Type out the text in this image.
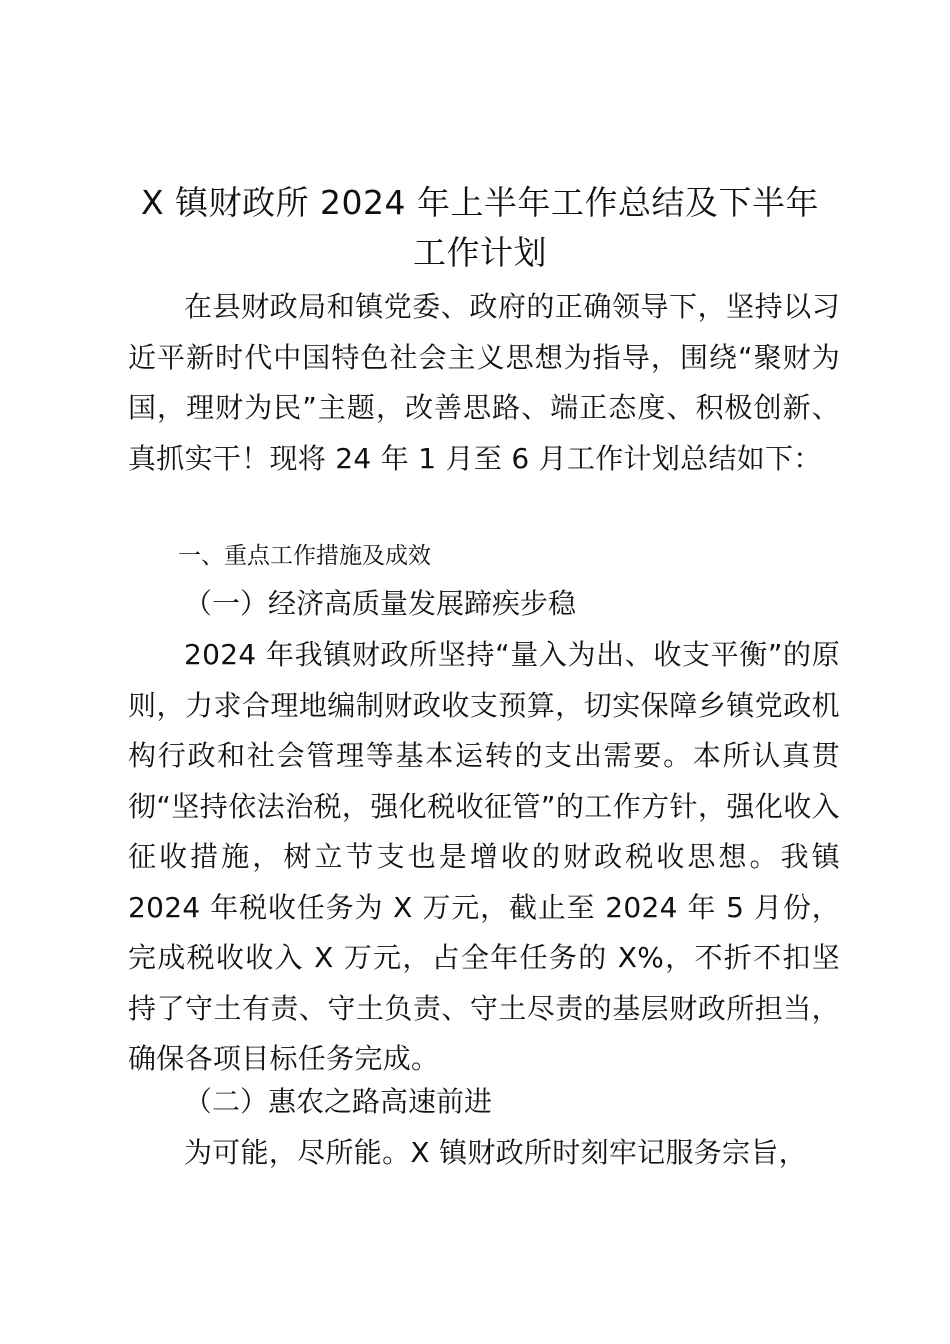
X 镇财政所 2024 年上半年工作总结及下半年
工作计划

在县财政局和镇党委、政府的正确领导下，坚持以习近平新时代中国特色社会主义思想为指导，围绕“聚财为国，理财为民”主题，改善思路、端正态度、积极创新、真抓实干！现将 24 年 1 月至 6 月工作计划总结如下：

一、重点工作措施及成效

（一）经济高质量发展蹄疾步稳

2024 年我镇财政所坚持“量入为出、收支平衡”的原则，力求合理地编制财政收支预算，切实保障乡镇党政机构行政和社会管理等基本运转的支出需要。本所认真贯彻“坚持依法治税，强化税收征管”的工作方针，强化收入征收措施，树立节支也是增收的财政税收思想。我镇 2024 年税收任务为 X 万元，截止至 2024 年 5 月份，完成税收收入 X 万元，占全年任务的 X%，不折不扣坚持了守土有责、守土负责、守土尽责的基层财政所担当，确保各项目标任务完成。

（二）惠农之路高速前进

为可能，尽所能。X 镇财政所时刻牢记服务宗旨，
